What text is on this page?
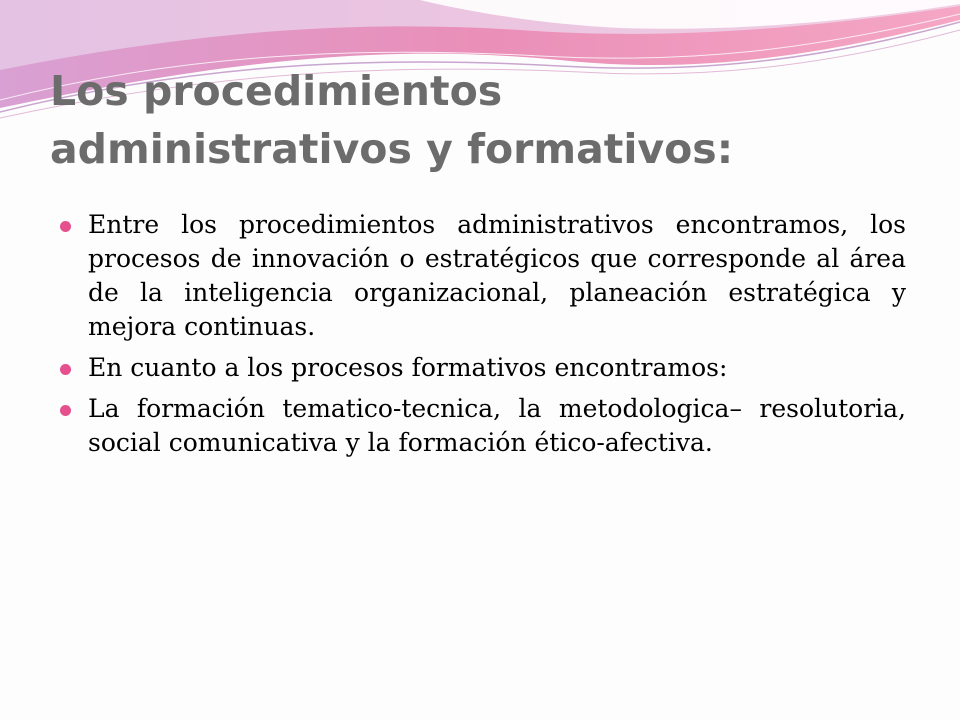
Los procedimientos
administrativos y formativos:
Entre los procedimientos administrativos encontramos, los procesos de innovación o estratégicos que corresponde al área de la inteligencia organizacional, planeación estratégica y mejora continuas.
En cuanto a los procesos formativos encontramos:
La formación tematico-tecnica, la metodologica– resolutoria, social comunicativa y la formación ético-afectiva.
